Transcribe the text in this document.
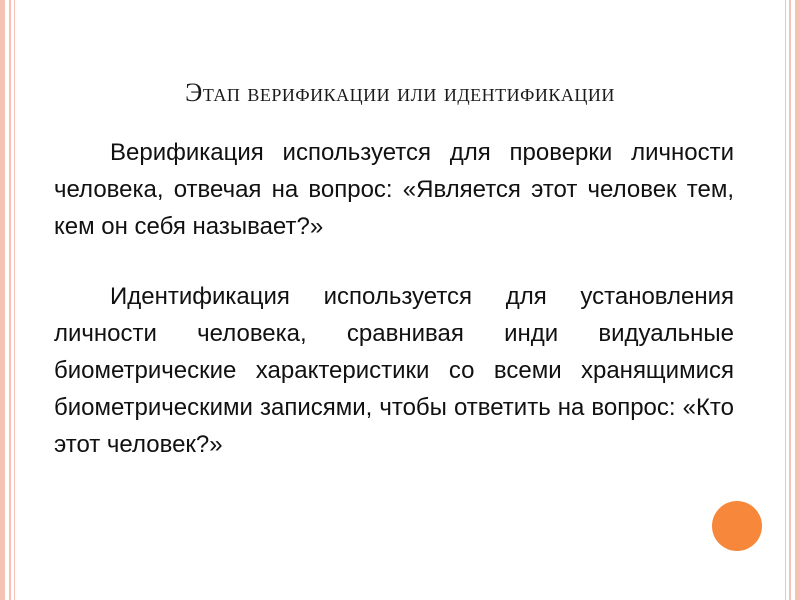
Этап верификации или идентификации

Верификация используется для проверки личности человека, отвечая на вопрос: «Является этот человек тем, кем он себя называет?»

Идентификация используется для установления личности человека, сравнивая инди видуальные биометрические характеристики со всеми хранящимися биометрическими записями, чтобы ответить на вопрос: «Кто этот человек?»
